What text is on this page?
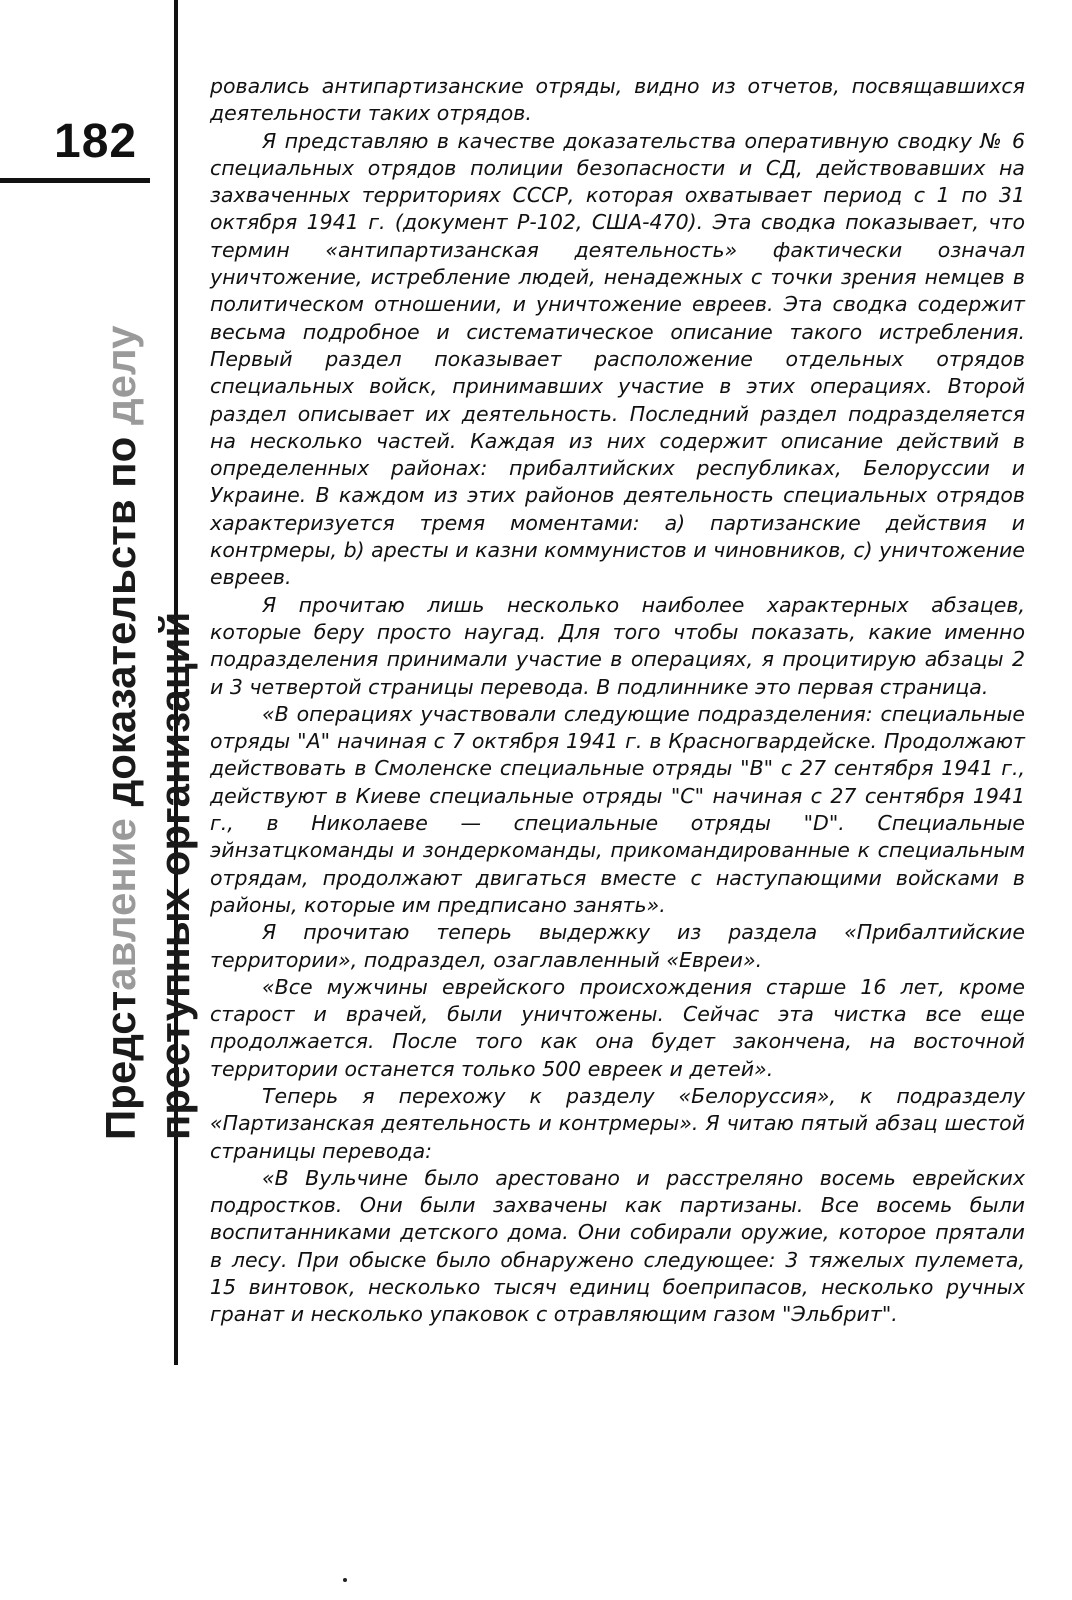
182
Представление доказательств по делу
преступных организаций

ровались антипартизанские отряды, видно из отчетов, посвящавшихся деятельности таких отрядов.

Я представляю в качестве доказательства оперативную сводку № 6 специальных отрядов полиции безопасности и СД, действовавших на захваченных территориях СССР, которая охватывает период с 1 по 31 октября 1941 г. (документ Р-102, США-470). Эта сводка показывает, что термин «антипартизанская деятельность» фактически означал уничтожение, истребление людей, ненадежных с точки зрения немцев в политическом отношении, и уничтожение евреев. Эта сводка содержит весьма подробное и систематическое описание такого истребления. Первый раздел показывает расположение отдельных отрядов специальных войск, принимавших участие в этих операциях. Второй раздел описывает их деятельность. Последний раздел подразделяется на несколько частей. Каждая из них содержит описание действий в определенных районах: прибалтийских республиках, Белоруссии и Украине. В каждом из этих районов деятельность специальных отрядов характеризуется тремя моментами: а) партизанские действия и контрмеры, b) аресты и казни коммунистов и чиновников, с) уничтожение евреев.

Я прочитаю лишь несколько наиболее характерных абзацев, которые беру просто наугад. Для того чтобы показать, какие именно подразделения принимали участие в операциях, я процитирую абзацы 2 и 3 четвертой страницы перевода. В подлиннике это первая страница.

«В операциях участвовали следующие подразделения: специальные отряды "А" начиная с 7 октября 1941 г. в Красногвардейске. Продолжают действовать в Смоленске специальные отряды "В" с 27 сентября 1941 г., действуют в Киеве специальные отряды "С" начиная с 27 сентября 1941 г., в Николаеве — специальные отряды "D". Специальные эйнзатцкоманды и зондеркоманды, прикомандированные к специальным отрядам, продолжают двигаться вместе с наступающими войсками в районы, которые им предписано занять».

Я прочитаю теперь выдержку из раздела «Прибалтийские территории», подраздел, озаглавленный «Евреи».

«Все мужчины еврейского происхождения старше 16 лет, кроме старост и врачей, были уничтожены. Сейчас эта чистка все еще продолжается. После того как она будет закончена, на восточной территории останется только 500 евреек и детей».

Теперь я перехожу к разделу «Белоруссия», к подразделу «Партизанская деятельность и контрмеры». Я читаю пятый абзац шестой страницы перевода:

«В Вульчине было арестовано и расстреляно восемь еврейских подростков. Они были захвачены как партизаны. Все восемь были воспитанниками детского дома. Они собирали оружие, которое прятали в лесу. При обыске было обнаружено следующее: 3 тяжелых пулемета, 15 винтовок, несколько тысяч единиц боеприпасов, несколько ручных гранат и несколько упаковок с отравляющим газом "Эльбрит".
